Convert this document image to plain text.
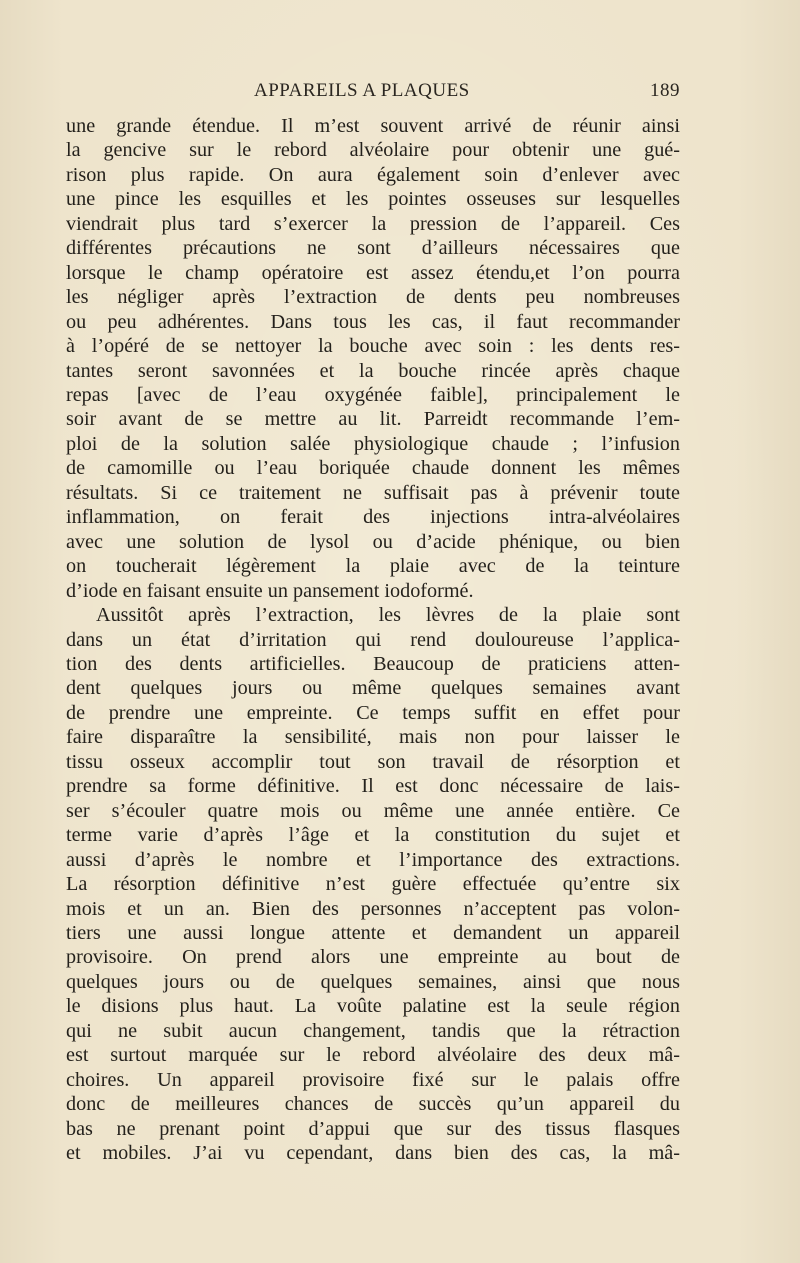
APPAREILS A PLAQUES	189
une grande étendue. Il m’est souvent arrivé de réunir ainsi
la gencive sur le rebord alvéolaire pour obtenir une gué-
rison plus rapide. On aura également soin d’enlever avec
une pince les esquilles et les pointes osseuses sur lesquelles
viendrait plus tard s’exercer la pression de l’appareil. Ces
différentes précautions ne sont d’ailleurs nécessaires que
lorsque le champ opératoire est assez étendu,et l’on pourra
les négliger après l’extraction de dents peu nombreuses
ou peu adhérentes. Dans tous les cas, il faut recommander
à l’opéré de se nettoyer la bouche avec soin : les dents res-
tantes seront savonnées et la bouche rincée après chaque
repas [avec de l’eau oxygénée faible], principalement le
soir avant de se mettre au lit. Parreidt recommande l’em-
ploi de la solution salée physiologique chaude ; l’infusion
de camomille ou l’eau boriquée chaude donnent les mêmes
résultats. Si ce traitement ne suffisait pas à prévenir toute
inflammation, on ferait des injections intra-alvéolaires
avec une solution de lysol ou d’acide phénique, ou bien
on toucherait légèrement la plaie avec de la teinture
d’iode en faisant ensuite un pansement iodoformé.
Aussitôt après l’extraction, les lèvres de la plaie sont
dans un état d’irritation qui rend douloureuse l’applica-
tion des dents artificielles. Beaucoup de praticiens atten-
dent quelques jours ou même quelques semaines avant
de prendre une empreinte. Ce temps suffit en effet pour
faire disparaître la sensibilité, mais non pour laisser le
tissu osseux accomplir tout son travail de résorption et
prendre sa forme définitive. Il est donc nécessaire de lais-
ser s’écouler quatre mois ou même une année entière. Ce
terme varie d’après l’âge et la constitution du sujet et
aussi d’après le nombre et l’importance des extractions.
La résorption définitive n’est guère effectuée qu’entre six
mois et un an. Bien des personnes n’acceptent pas volon-
tiers une aussi longue attente et demandent un appareil
provisoire. On prend alors une empreinte au bout de
quelques jours ou de quelques semaines, ainsi que nous
le disions plus haut. La voûte palatine est la seule région
qui ne subit aucun changement, tandis que la rétraction
est surtout marquée sur le rebord alvéolaire des deux mâ-
choires. Un appareil provisoire fixé sur le palais offre
donc de meilleures chances de succès qu’un appareil du
bas ne prenant point d’appui que sur des tissus flasques
et mobiles. J’ai vu cependant, dans bien des cas, la mâ-
